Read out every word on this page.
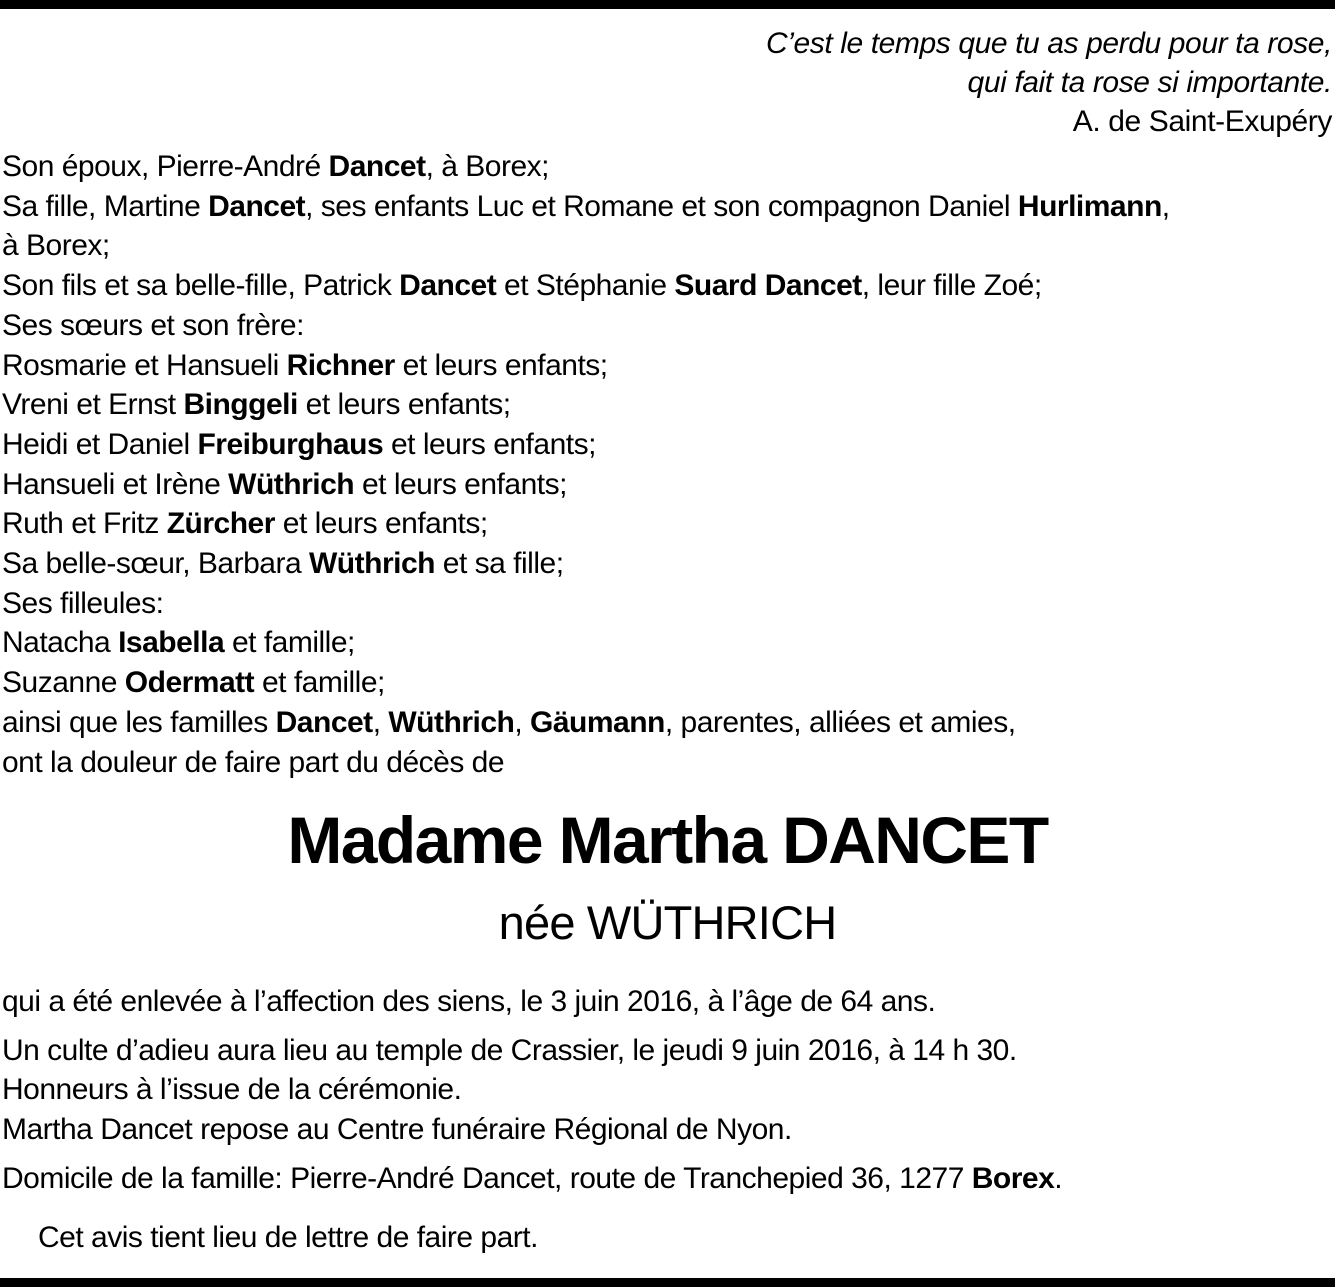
C’est le temps que tu as perdu pour ta rose,
qui fait ta rose si importante.
A. de Saint-Exupéry
Son époux, Pierre-André Dancet, à Borex;
Sa fille, Martine Dancet, ses enfants Luc et Romane et son compagnon Daniel Hurlimann,
à Borex;
Son fils et sa belle-fille, Patrick Dancet et Stéphanie Suard Dancet, leur fille Zoé;
Ses sœurs et son frère:
Rosmarie et Hansueli Richner et leurs enfants;
Vreni et Ernst Binggeli et leurs enfants;
Heidi et Daniel Freiburghaus et leurs enfants;
Hansueli et Irène Wüthrich et leurs enfants;
Ruth et Fritz Zürcher et leurs enfants;
Sa belle-sœur, Barbara Wüthrich et sa fille;
Ses filleules:
Natacha Isabella et famille;
Suzanne Odermatt et famille;
ainsi que les familles Dancet, Wüthrich, Gäumann, parentes, alliées et amies,
ont la douleur de faire part du décès de
Madame Martha DANCET
née WÜTHRICH
qui a été enlevée à l’affection des siens, le 3 juin 2016, à l’âge de 64 ans.
Un culte d’adieu aura lieu au temple de Crassier, le jeudi 9 juin 2016, à 14 h 30.
Honneurs à l’issue de la cérémonie.
Martha Dancet repose au Centre funéraire Régional de Nyon.
Domicile de la famille: Pierre-André Dancet, route de Tranchepied 36, 1277 Borex.
Cet avis tient lieu de lettre de faire part.
